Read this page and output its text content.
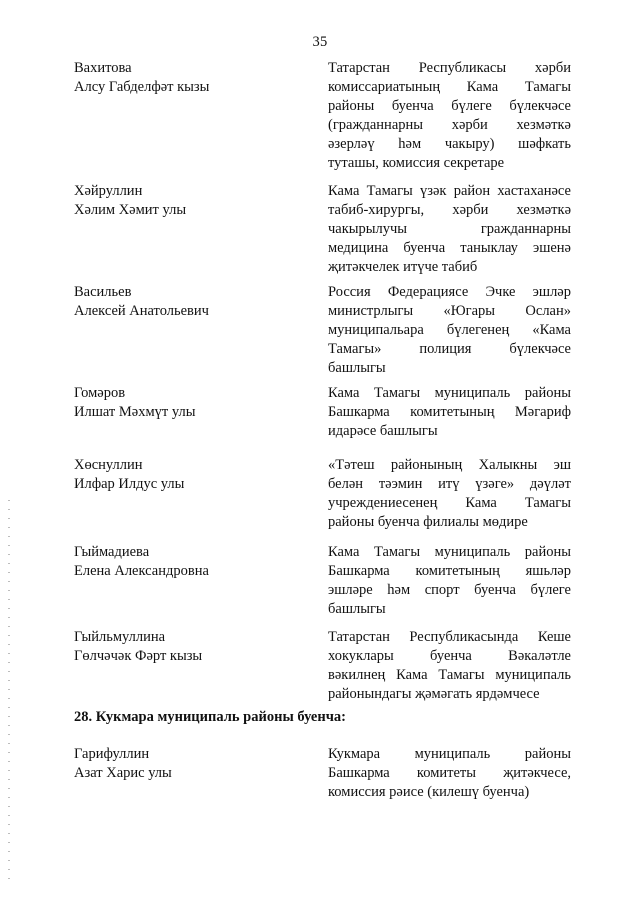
35
Вахитова
Алсу Габделфәт кызы
Татарстан Республикасы хәрби
комиссариатының Кама Тамагы
районы буенча бүлеге бүлекчәсе
(гражданнарны хәрби хезмәткә
әзерләү һәм чакыру) шәфкать
туташы, комиссия секретаре
Хәйруллин
Хәлим Хәмит улы
Кама Тамагы үзәк район хастаханәсе
табиб-хирургы, хәрби хезмәткә
чакырылучы гражданнарны
медицина буенча таныклау эшенә
җитәкчелек итүче табиб
Васильев
Алексей Анатольевич
Россия Федерациясе Эчке эшләр
министрлыгы «Югары Ослан»
муниципальара бүлегенең «Кама
Тамагы» полиция бүлекчәсе
башлыгы
Гомәров
Илшат Мәхмүт улы
Кама Тамагы муниципаль районы
Башкарма комитетының Мәгариф
идарәсе башлыгы
Хөснуллин
Илфар Илдус улы
«Тәтеш районының Халыкны эш
белән тәэмин итү үзәге» дәүләт
учреждениесенең Кама Тамагы
районы буенча филиалы мөдире
Гыймадиева
Елена Александровна
Кама Тамагы муниципаль районы
Башкарма комитетының яшьләр
эшләре һәм спорт буенча бүлеге
башлыгы
Гыйльмуллина
Гөлчәчәк Фәрт кызы
Татарстан Республикасында Кеше
хокуклары буенча Вәкаләтле
вәкилнең Кама Тамагы муниципаль
районындагы җәмәгать ярдәмчесе
28. Кукмара муниципаль районы буенча:
Гарифуллин
Азат Харис улы
Кукмара муниципаль районы
Башкарма комитеты җитәкчесе,
комиссия рәисе (килешү буенча)
